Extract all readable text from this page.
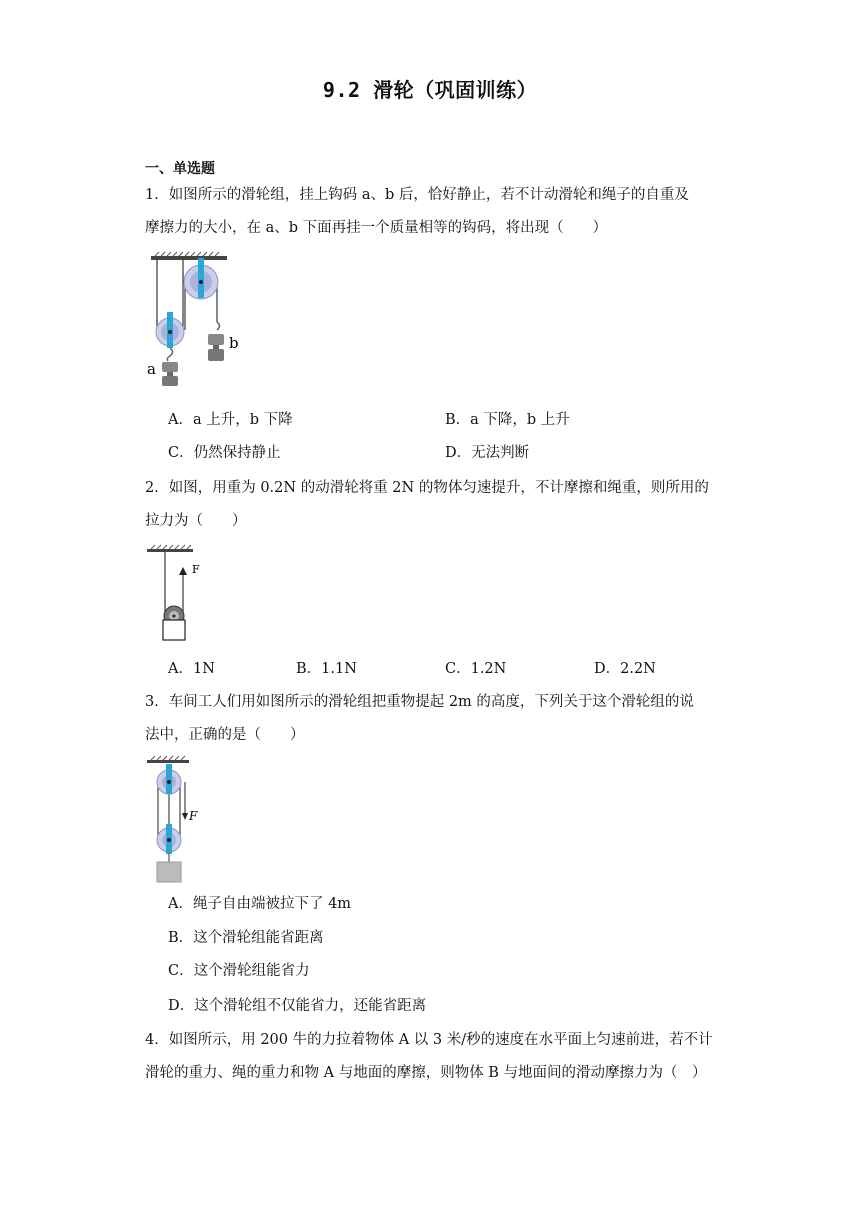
9.2 滑轮（巩固训练）
一、单选题
1．如图所示的滑轮组，挂上钩码 a、b 后，恰好静止，若不计动滑轮和绳子的自重及
摩擦力的大小，在 a、b 下面再挂一个质量相等的钩码，将出现（　　）
a
b
A．a 上升，b 下降	B．a 下降，b 上升
C．仍然保持静止	D．无法判断
2．如图，用重为 0.2N 的动滑轮将重 2N 的物体匀速提升，不计摩擦和绳重，则所用的
拉力为（　　）
F
A．1N	B．1.1N	C．1.2N	D．2.2N
3．车间工人们用如图所示的滑轮组把重物提起 2m 的高度，下列关于这个滑轮组的说
法中，正确的是（　　）
F
A．绳子自由端被拉下了 4m
B．这个滑轮组能省距离
C．这个滑轮组能省力
D．这个滑轮组不仅能省力，还能省距离
4．如图所示，用 200 牛的力拉着物体 A 以 3 米/秒的速度在水平面上匀速前进，若不计
滑轮的重力、绳的重力和物 A 与地面的摩擦，则物体 B 与地面间的滑动摩擦力为（　）
